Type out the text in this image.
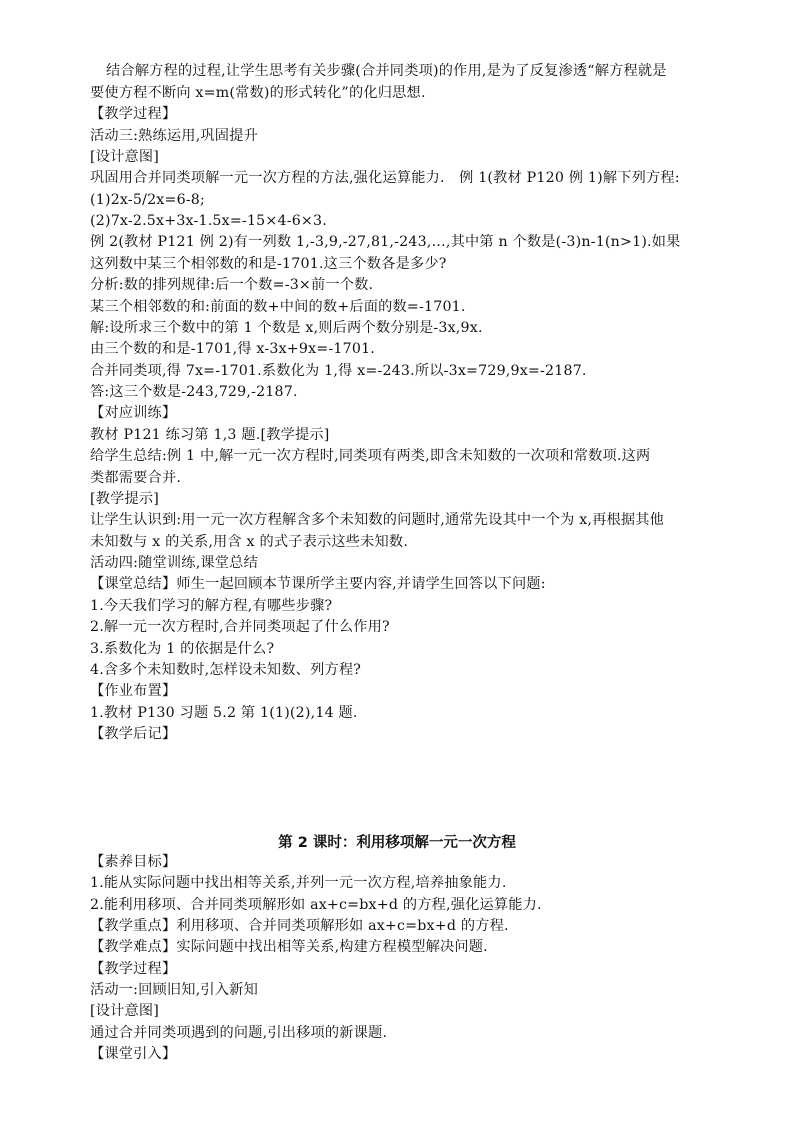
结合解方程的过程,让学生思考有关步骤(合并同类项)的作用,是为了反复渗透“解方程就是
要使方程不断向 x=m(常数)的形式转化”的化归思想.
【教学过程】
活动三:熟练运用,巩固提升
[设计意图]
巩固用合并同类项解一元一次方程的方法,强化运算能力.　例 1(教材 P120 例 1)解下列方程:
(1)2x-5/2x=6-8;
(2)7x-2.5x+3x-1.5x=-15×4-6×3.
例 2(教材 P121 例 2)有一列数 1,-3,9,-27,81,-243,…,其中第 n 个数是(-3)n-1(n>1).如果
这列数中某三个相邻数的和是-1701.这三个数各是多少?
分析:数的排列规律:后一个数=-3×前一个数.
某三个相邻数的和:前面的数+中间的数+后面的数=-1701.
解:设所求三个数中的第 1 个数是 x,则后两个数分别是-3x,9x.
由三个数的和是-1701,得 x-3x+9x=-1701.
合并同类项,得 7x=-1701.系数化为 1,得 x=-243.所以-3x=729,9x=-2187.
答:这三个数是-243,729,-2187.
【对应训练】
教材 P121 练习第 1,3 题.[教学提示]
给学生总结:例 1 中,解一元一次方程时,同类项有两类,即含未知数的一次项和常数项.这两
类都需要合并.
[教学提示]
让学生认识到:用一元一次方程解含多个未知数的问题时,通常先设其中一个为 x,再根据其他
未知数与 x 的关系,用含 x 的式子表示这些未知数.
活动四:随堂训练,课堂总结
【课堂总结】师生一起回顾本节课所学主要内容,并请学生回答以下问题:
1.今天我们学习的解方程,有哪些步骤?
2.解一元一次方程时,合并同类项起了什么作用?
3.系数化为 1 的依据是什么?
4.含多个未知数时,怎样设未知数、列方程?
【作业布置】
1.教材 P130 习题 5.2 第 1(1)(2),14 题.
【教学后记】
第 2 课时：利用移项解一元一次方程
【素养目标】
1.能从实际问题中找出相等关系,并列一元一次方程,培养抽象能力.
2.能利用移项、合并同类项解形如 ax+c=bx+d 的方程,强化运算能力.
【教学重点】利用移项、合并同类项解形如 ax+c=bx+d 的方程.
【教学难点】实际问题中找出相等关系,构建方程模型解决问题.
【教学过程】
活动一:回顾旧知,引入新知
[设计意图]
通过合并同类项遇到的问题,引出移项的新课题.
【课堂引入】
